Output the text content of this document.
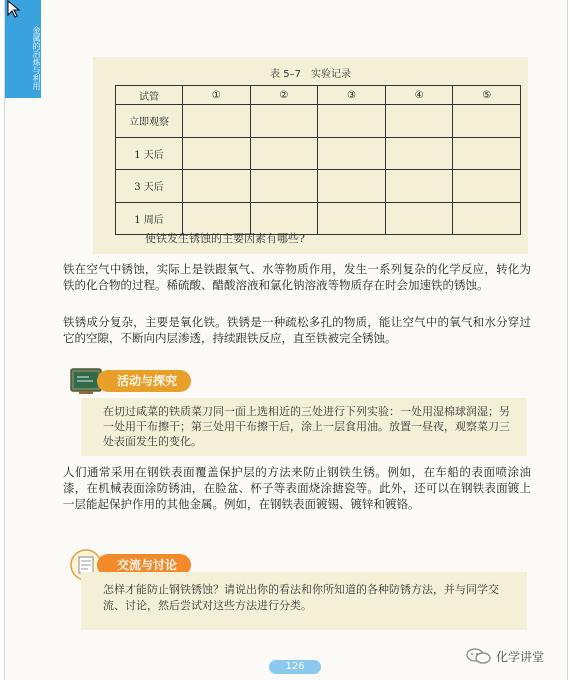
金属的冶炼与利用	表 5–7　实验记录
试管	①	②	③	④	⑤
立即观察					
1 天后					
3 天后					
1 周后					
使铁发生锈蚀的主要因素有哪些?
铁在空气中锈蚀，实际上是铁跟氧气、水等物质作用，发生一系列复杂的化学反应，转化为铁的化合物的过程。稀硫酸、醋酸溶液和氯化钠溶液等物质存在时会加速铁的锈蚀。
铁锈成分复杂，主要是氧化铁。铁锈是一种疏松多孔的物质，能让空气中的氧气和水分穿过它的空隙，不断向内层渗透，持续跟铁反应，直至铁被完全锈蚀。
活动与探究
在切过咸菜的铁质菜刀同一面上选相近的三处进行下列实验：一处用湿棉球润湿；另一处用干布擦干；第三处用干布擦干后，涂上一层食用油。放置一昼夜，观察菜刀三处表面发生的变化。
人们通常采用在钢铁表面覆盖保护层的方法来防止钢铁生锈。例如，在车船的表面喷涂油漆，在机械表面涂防锈油，在脸盆、杯子等表面烧涂搪瓷等。此外，还可以在钢铁表面镀上一层能起保护作用的其他金属。例如，在钢铁表面镀锡、镀锌和镀铬。
交流与讨论
怎样才能防止钢铁锈蚀？请说出你的看法和你所知道的各种防锈方法，并与同学交流、讨论，然后尝试对这些方法进行分类。
126
化学讲堂
